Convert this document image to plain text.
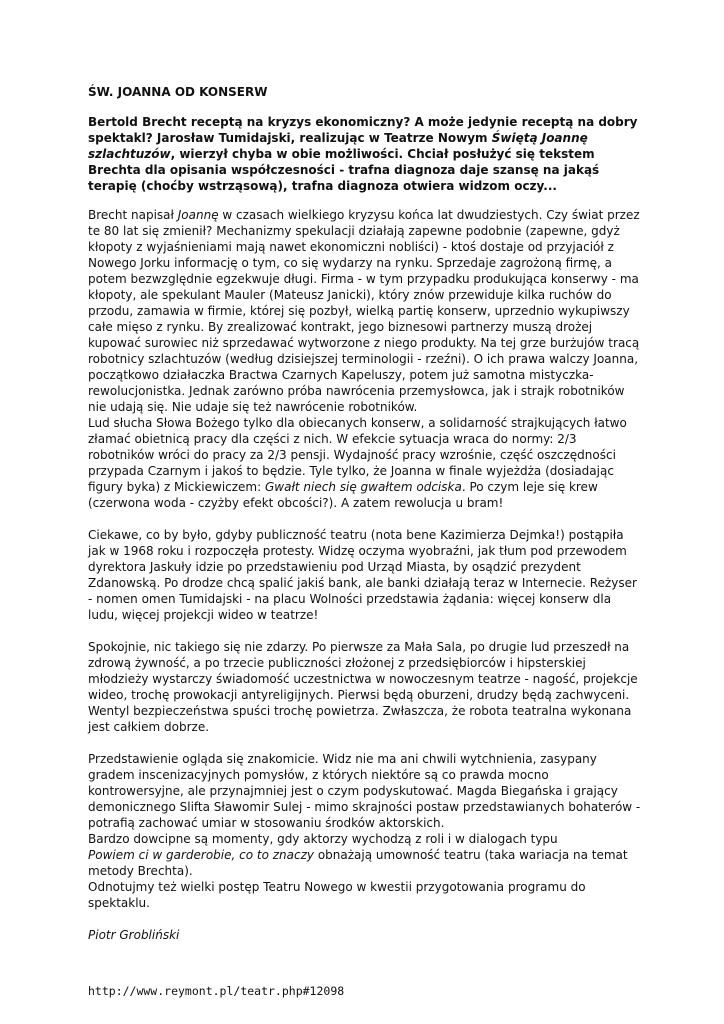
ŚW. JOANNA OD KONSERW

Bertold Brecht receptą na kryzys ekonomiczny? A może jedynie receptą na dobry spektakl? Jarosław Tumidajski, realizując w Teatrze Nowym Świętą Joannę szlachtuzów, wierzył chyba w obie możliwości. Chciał posłużyć się tekstem Brechta dla opisania współczesności - trafna diagnoza daje szansę na jakąś terapię (choćby wstrząsową), trafna diagnoza otwiera widzom oczy...

Brecht napisał Joannę w czasach wielkiego kryzysu końca lat dwudziestych. Czy świat przez te 80 lat się zmienił? Mechanizmy spekulacji działają zapewne podobnie (zapewne, gdyż kłopoty z wyjaśnieniami mają nawet ekonomiczni nobliści) - ktoś dostaje od przyjaciół z Nowego Jorku informację o tym, co się wydarzy na rynku. Sprzedaje zagrożoną firmę, a potem bezwzględnie egzekwuje długi. Firma - w tym przypadku produkująca konserwy - ma kłopoty, ale spekulant Mauler (Mateusz Janicki), który znów przewiduje kilka ruchów do przodu, zamawia w firmie, której się pozbył, wielką partię konserw, uprzednio wykupiwszy całe mięso z rynku. By zrealizować kontrakt, jego biznesowi partnerzy muszą drożej kupować surowiec niż sprzedawać wytworzone z niego produkty. Na tej grze burżujów tracą robotnicy szlachtuzów (według dzisiejszej terminologii - rzeźni). O ich prawa walczy Joanna, początkowo działaczka Bractwa Czarnych Kapeluszy, potem już samotna mistyczka-rewolucjonistka. Jednak zarówno próba nawrócenia przemysłowca, jak i strajk robotników nie udają się. Nie udaje się też nawrócenie robotników.

Lud słucha Słowa Bożego tylko dla obiecanych konserw, a solidarność strajkujących łatwo złamać obietnicą pracy dla części z nich. W efekcie sytuacja wraca do normy: 2/3 robotników wróci do pracy za 2/3 pensji. Wydajność pracy wzrośnie, część oszczędności przypada Czarnym i jakoś to będzie. Tyle tylko, że Joanna w finale wyjeżdża (dosiadając figury byka) z Mickiewiczem: Gwałt niech się gwałtem odciska. Po czym leje się krew (czerwona woda - czyżby efekt obcości?). A zatem rewolucja u bram!

Ciekawe, co by było, gdyby publiczność teatru (nota bene Kazimierza Dejmka!) postąpiła jak w 1968 roku i rozpoczęła protesty. Widzę oczyma wyobraźni, jak tłum pod przewodem dyrektora Jaskuły idzie po przedstawieniu pod Urząd Miasta, by osądzić prezydent Zdanowską. Po drodze chcą spalić jakiś bank, ale banki działają teraz w Internecie. Reżyser - nomen omen Tumidajski - na placu Wolności przedstawia żądania: więcej konserw dla ludu, więcej projekcji wideo w teatrze!

Spokojnie, nic takiego się nie zdarzy. Po pierwsze za Mała Sala, po drugie lud przeszedł na zdrową żywność, a po trzecie publiczności złożonej z przedsiębiorców i hipsterskiej młodzieży wystarczy świadomość uczestnictwa w nowoczesnym teatrze - nagość, projekcje wideo, trochę prowokacji antyreligijnych. Pierwsi będą oburzeni, drudzy będą zachwyceni. Wentyl bezpieczeństwa spuści trochę powietrza. Zwłaszcza, że robota teatralna wykonana jest całkiem dobrze.

Przedstawienie ogląda się znakomicie. Widz nie ma ani chwili wytchnienia, zasypany gradem inscenizacyjnych pomysłów, z których niektóre są co prawda mocno kontrowersyjne, ale przynajmniej jest o czym podyskutować. Magda Biegańska i grający demonicznego Slifta Sławomir Sulej - mimo skrajności postaw przedstawianych bohaterów - potrafią zachować umiar w stosowaniu środków aktorskich.

Bardzo dowcipne są momenty, gdy aktorzy wychodzą z roli i w dialogach typu

Powiem ci w garderobie, co to znaczy obnażają umowność teatru (taka wariacja na temat metody Brechta).

Odnotujmy też wielki postęp Teatru Nowego w kwestii przygotowania programu do spektaklu.

Piotr Grobliński

http://www.reymont.pl/teatr.php#12098
